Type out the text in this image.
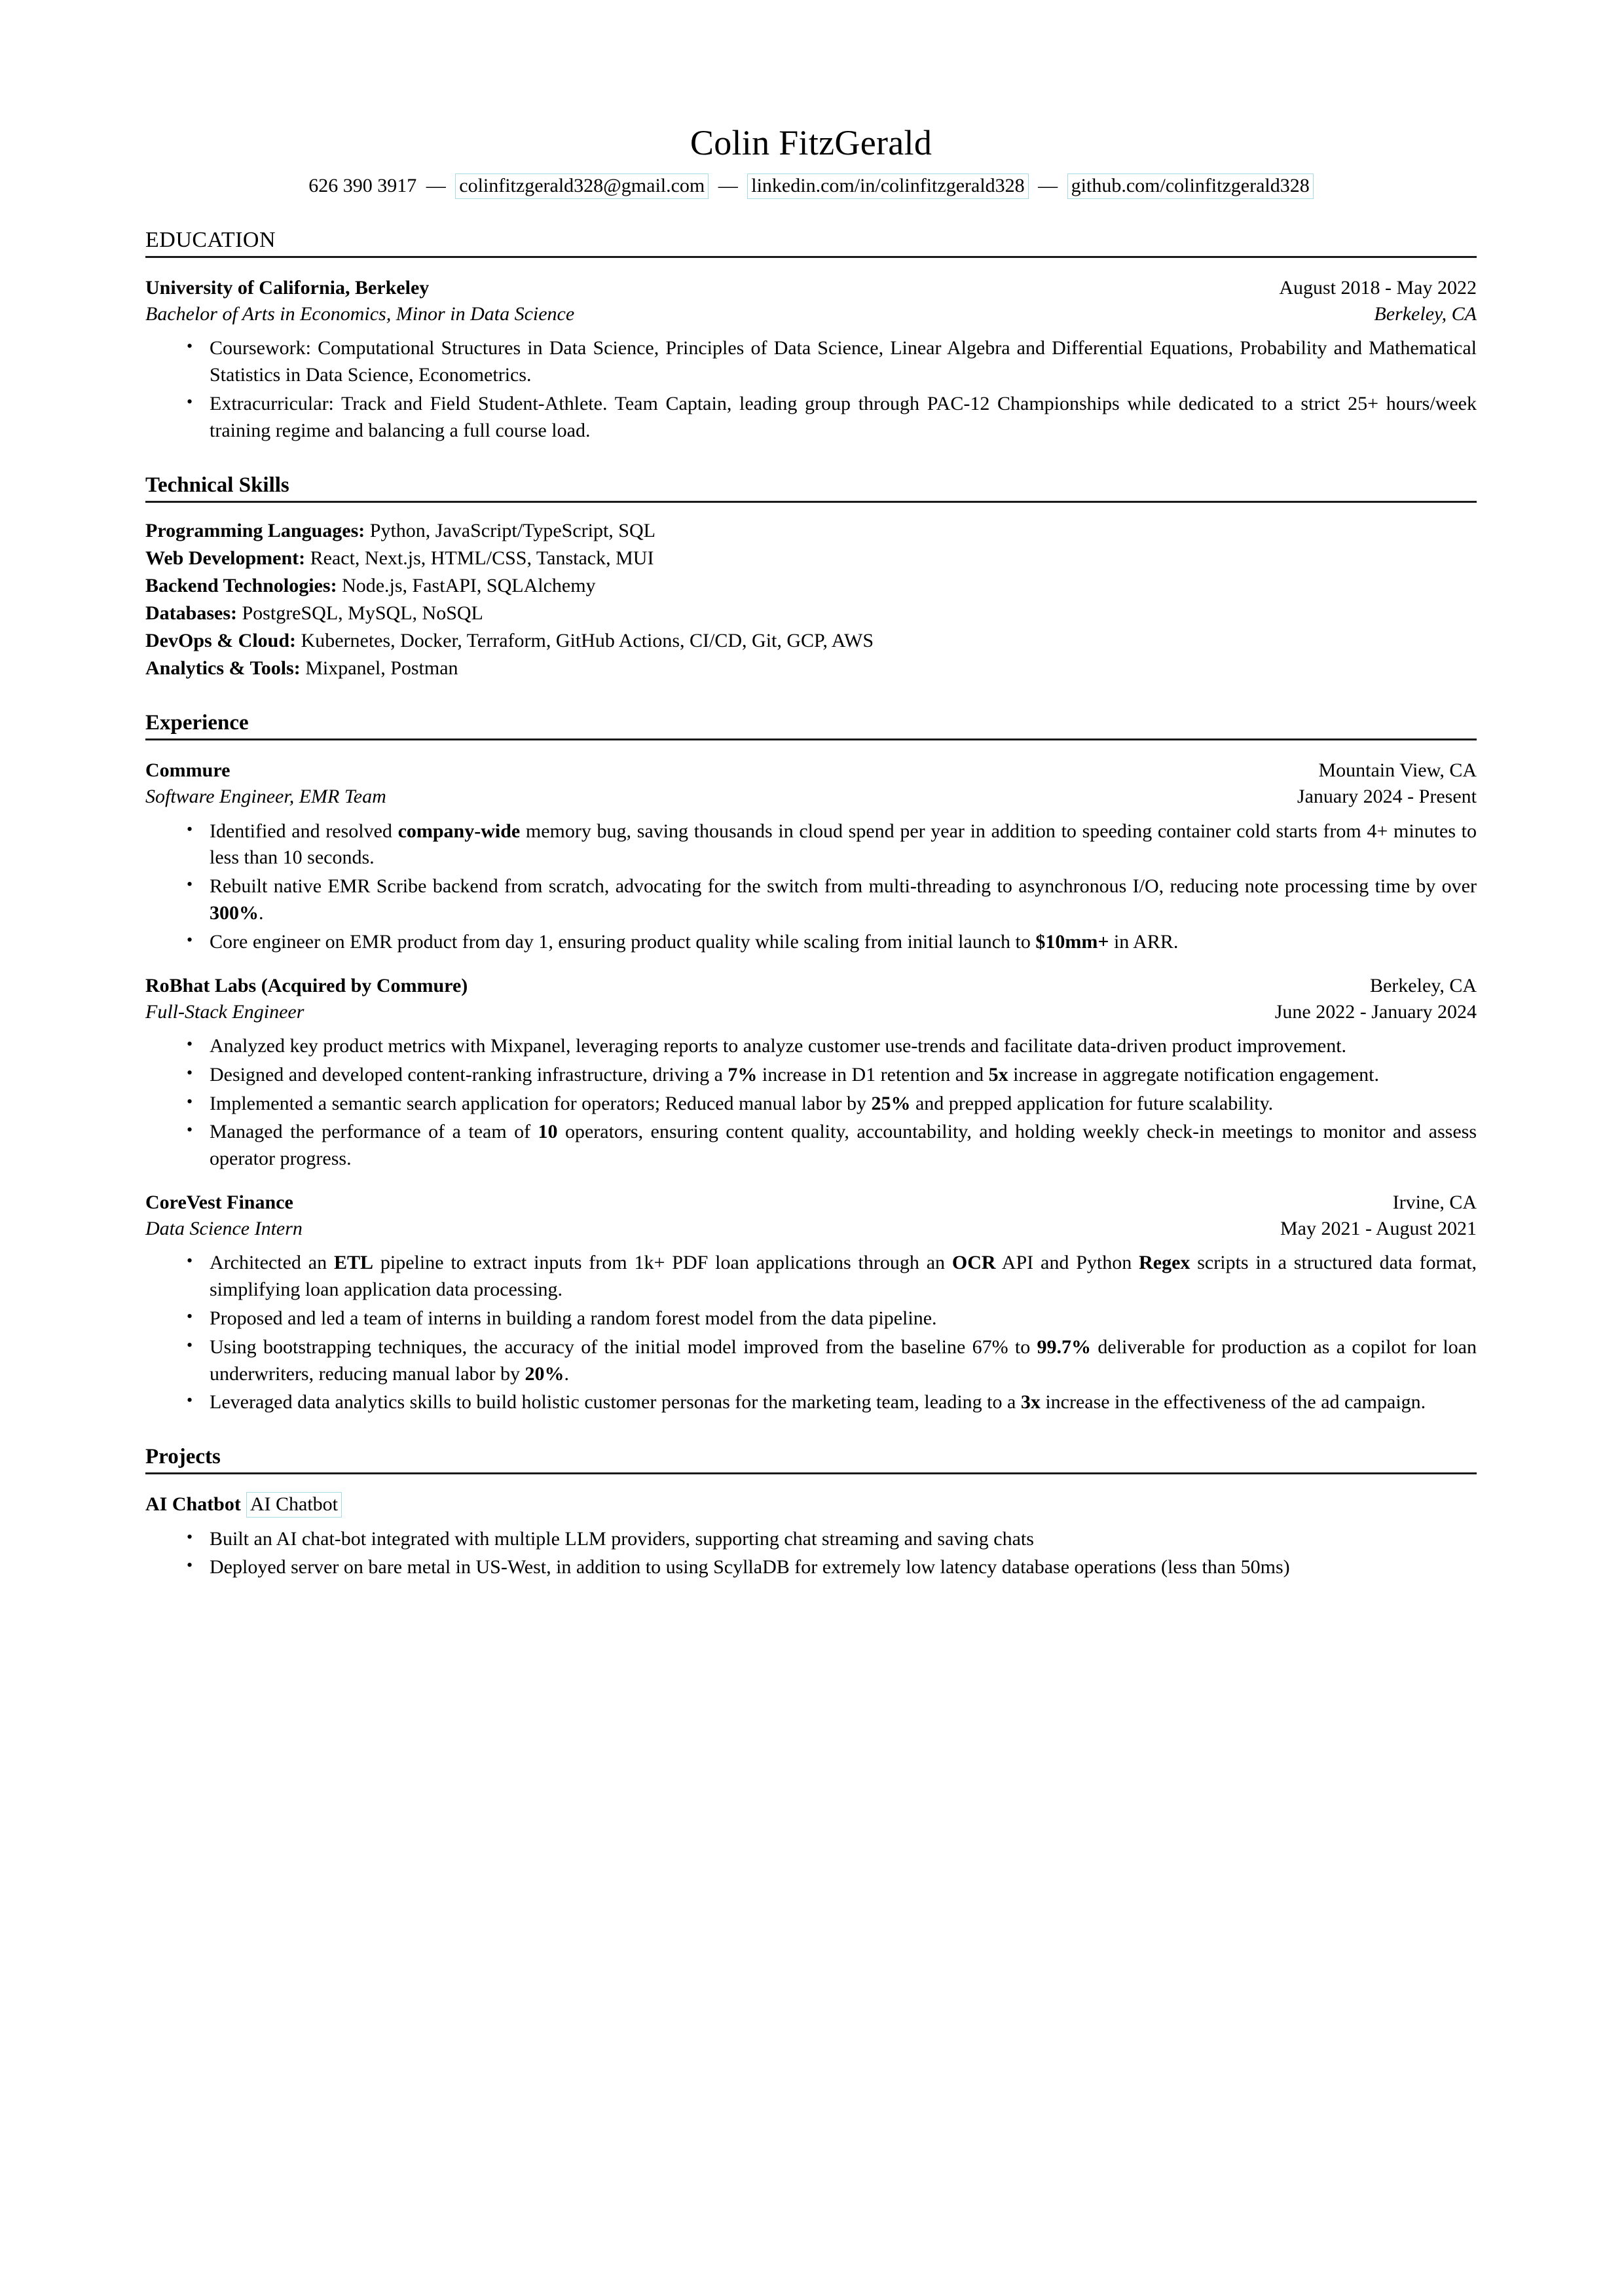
Colin FitzGerald
626 390 3917 — colinfitzgerald328@gmail.com — linkedin.com/in/colinfitzgerald328 — github.com/colinfitzgerald328
EDUCATION
University of California, Berkeley	August 2018 - May 2022
Bachelor of Arts in Economics, Minor in Data Science	Berkeley, CA
• Coursework: Computational Structures in Data Science, Principles of Data Science, Linear Algebra and Differential Equations, Probability and Mathematical Statistics in Data Science, Econometrics.
• Extracurricular: Track and Field Student-Athlete. Team Captain, leading group through PAC-12 Championships while dedicated to a strict 25+ hours/week training regime and balancing a full course load.
Technical Skills
Programming Languages: Python, JavaScript/TypeScript, SQL
Web Development: React, Next.js, HTML/CSS, Tanstack, MUI
Backend Technologies: Node.js, FastAPI, SQLAlchemy
Databases: PostgreSQL, MySQL, NoSQL
DevOps & Cloud: Kubernetes, Docker, Terraform, GitHub Actions, CI/CD, Git, GCP, AWS
Analytics & Tools: Mixpanel, Postman
Experience
Commure	Mountain View, CA
Software Engineer, EMR Team	January 2024 - Present
• Identified and resolved company-wide memory bug, saving thousands in cloud spend per year in addition to speeding container cold starts from 4+ minutes to less than 10 seconds.
• Rebuilt native EMR Scribe backend from scratch, advocating for the switch from multi-threading to asynchronous I/O, reducing note processing time by over 300%.
• Core engineer on EMR product from day 1, ensuring product quality while scaling from initial launch to $10mm+ in ARR.
RoBhat Labs (Acquired by Commure)	Berkeley, CA
Full-Stack Engineer	June 2022 - January 2024
• Analyzed key product metrics with Mixpanel, leveraging reports to analyze customer use-trends and facilitate data-driven product improvement.
• Designed and developed content-ranking infrastructure, driving a 7% increase in D1 retention and 5x increase in aggregate notification engagement.
• Implemented a semantic search application for operators; Reduced manual labor by 25% and prepped application for future scalability.
• Managed the performance of a team of 10 operators, ensuring content quality, accountability, and holding weekly check-in meetings to monitor and assess operator progress.
CoreVest Finance	Irvine, CA
Data Science Intern	May 2021 - August 2021
• Architected an ETL pipeline to extract inputs from 1k+ PDF loan applications through an OCR API and Python Regex scripts in a structured data format, simplifying loan application data processing.
• Proposed and led a team of interns in building a random forest model from the data pipeline.
• Using bootstrapping techniques, the accuracy of the initial model improved from the baseline 67% to 99.7% deliverable for production as a copilot for loan underwriters, reducing manual labor by 20%.
• Leveraged data analytics skills to build holistic customer personas for the marketing team, leading to a 3x increase in the effectiveness of the ad campaign.
Projects
AI Chatbot AI Chatbot
• Built an AI chat-bot integrated with multiple LLM providers, supporting chat streaming and saving chats
• Deployed server on bare metal in US-West, in addition to using ScyllaDB for extremely low latency database operations (less than 50ms)
